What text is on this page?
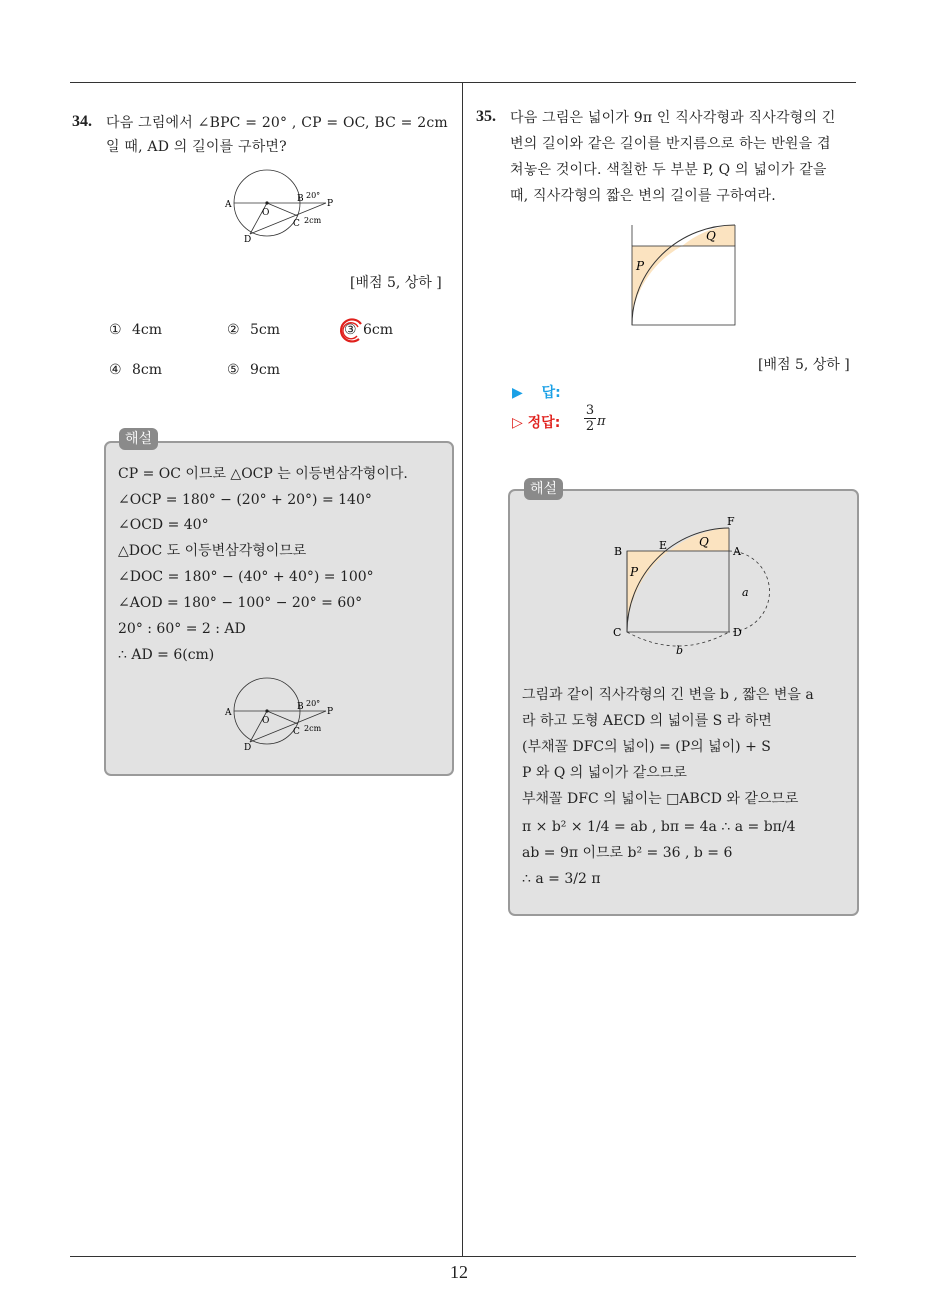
12
34. 다음 그림에서 ∠BPC = 20° , CP = OC, BC = 2cm
일 때, AD 의 길이를 구하면?
A
O
B 20°
P
C 2cm
D
[배점 5, 상하 ]
① 4cm	② 5cm	③ 6cm
④ 8cm	⑤ 9cm
해설
CP = OC 이므로 △OCP 는 이등변삼각형이다.
∠OCP = 180° − (20° + 20°) = 140°
∠OCD = 40°
△DOC 도 이등변삼각형이므로
∠DOC = 180° − (40° + 40°) = 100°
∠AOD = 180° − 100° − 20° = 60°
20° : 60° = 2 : AD
∴ AD = 6(cm)
A
O
B 20°
P
C 2cm
D
35. 다음 그림은 넓이가 9π 인 직사각형과 직사각형의 긴
변의 길이와 같은 길이를 반지름으로 하는 반원을 겹
쳐놓은 것이다. 색칠한 두 부분 P, Q 의 넓이가 같을
때, 직사각형의 짧은 변의 길이를 구하여라.
Q
P
[배점 5, 상하 ]
▶ 답:
▷ 정답: $\frac{3}{2}$ π
해설
F
B	E	Q
A
P
a
C	D
b
그림과 같이 직사각형의 긴 변을 b , 짧은 변을 a
라 하고 도형 AECD 의 넓이를 S 라 하면
(부채꼴 DFC의 넓이) = (P의 넓이) + S
P 와 Q 의 넓이가 같으므로
부채꼴 DFC 의 넓이는 □ABCD 와 같으므로
π × b² × 1/4 = ab , bπ = 4a ∴ a = bπ/4
ab = 9π 이므로 b² = 36 , b = 6
∴ a = 3/2 π
